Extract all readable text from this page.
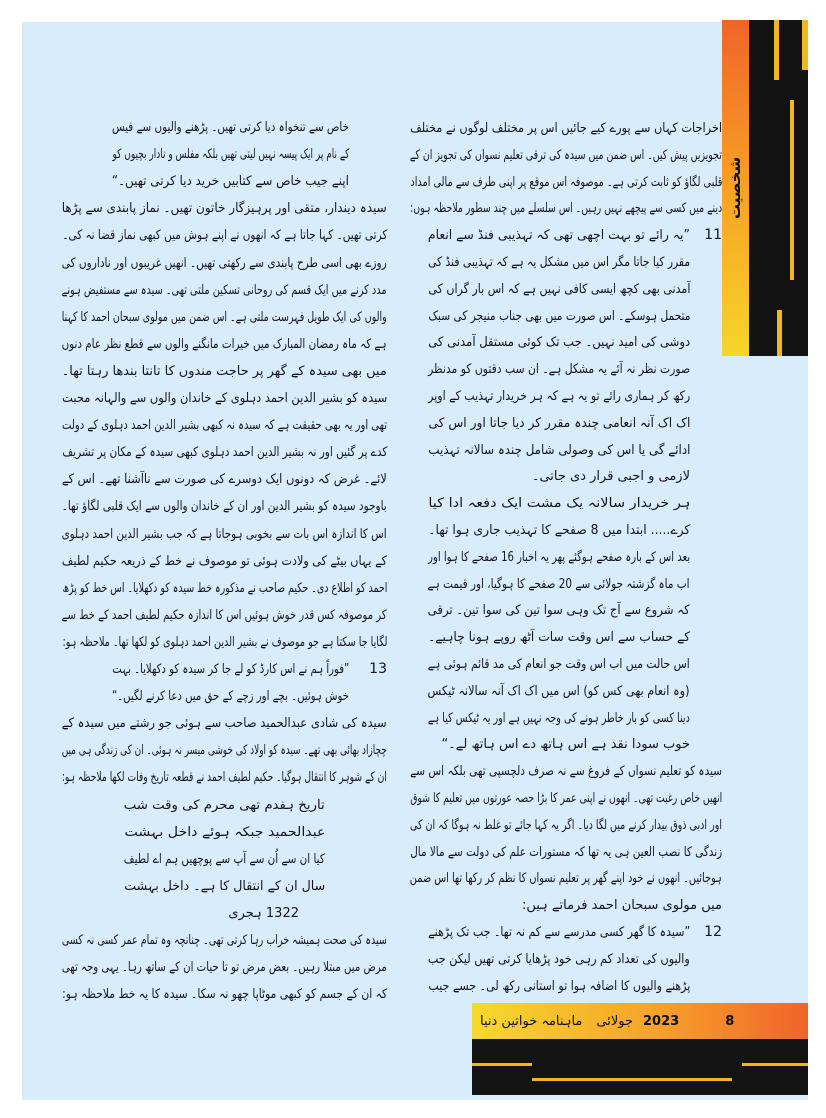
شخصیت
اخراجات کہاں سے پورے کیے جائیں اس پر مختلف لوگوں نے مختلف
تجویزیں پیش کیں۔ اس ضمن میں سیدہ کی ترقی تعلیم نسواں کی تجویز ان کے
قلبی لگاؤ کو ثابت کرتی ہے۔ موصوفہ اس موقع پر اپنی طرف سے مالی امداد
دینے میں کسی سے پیچھے نہیں رہیں۔ اس سلسلے میں چند سطور ملاحظہ ہوں:
”یہ رائے تو بہت اچھی تھی کہ تہذیبی فنڈ سے انعام 11
مقرر کیا جاتا مگر اس میں مشکل یہ ہے کہ تہذیبی فنڈ کی
آمدنی بھی کچھ ایسی کافی نہیں ہے کہ اس بار گراں کی
متحمل ہوسکے۔ اس صورت میں بھی جناب منیجر کی سبک
دوشی کی امید نہیں۔ جب تک کوئی مستقل آمدنی کی
صورت نظر نہ آئے یہ مشکل ہے۔ ان سب دقتوں کو مدنظر
رکھ کر ہماری رائے تو یہ ہے کہ ہر خریدار تہذیب کے اوپر
اک اک آنہ انعامی چندہ مقرر کر دیا جاتا اور اس کی
ادائے گی یا اس کی وصولی شامل چندہ سالانہ تہذیب
لازمی و اجبی قرار دی جاتی۔
ہر خریدار سالانہ یک مشت ایک دفعہ ادا کیا
کرے..... ابتدا میں 8 صفحے کا تہذیب جاری ہوا تھا۔
بعد اس کے بارہ صفحے ہوگئے پھر یہ اخبار 16 صفحے کا ہوا اور
اب ماہ گزشتہ جولائی سے 20 صفحے کا ہوگیا، اور قیمت ہے
کہ شروع سے آج تک وہی سوا تین کی سوا تین۔ ترقی
کے حساب سے اس وقت سات آٹھ روپے ہونا چاہیے۔
اس حالت میں اب اس وقت جو انعام کی مد قائم ہوئی ہے
(وہ انعام بھی کس کو) اس میں اک اک آنہ سالانہ ٹیکس
دینا کسی کو بار خاطر ہونے کی وجہ نہیں ہے اور یہ ٹیکس کیا ہے
خوب سودا نقد ہے اس ہاتھ دے اس ہاتھ لے۔“
سیدہ کو تعلیم نسواں کے فروغ سے نہ صرف دلچسپی تھی بلکہ اس سے
انھیں خاص رغبت تھی۔ انھوں نے اپنی عمر کا بڑا حصہ عورتوں میں تعلیم کا شوق
اور ادبی ذوق بیدار کرنے میں لگا دیا۔ اگر یہ کہا جائے تو غلط نہ ہوگا کہ ان کی
زندگی کا نصب العین ہی یہ تھا کہ مستورات علم کی دولت سے مالا مال
ہوجائیں۔ انھوں نے خود اپنے گھر پر تعلیم نسواں کا نظم کر رکھا تھا اس ضمن
میں مولوی سبحان احمد فرماتے ہیں:
”سیدہ کا گھر کسی مدرسے سے کم نہ تھا۔ جب تک پڑھنے 12
والیوں کی تعداد کم رہی خود پڑھایا کرتی تھیں لیکن جب
پڑھنے والیوں کا اضافہ ہوا تو استانی رکھ لی۔ جسے جیب
خاص سے تنخواہ دیا کرتی تھیں۔ پڑھنے والیوں سے فیس
کے نام پر ایک پیسہ نہیں لیتی تھیں بلکہ مفلس و نادار بچیوں کو
اپنے جیب خاص سے کتابیں خرید دیا کرتی تھیں۔“
سیدہ دیندار، متقی اور پرہیزگار خاتون تھیں۔ نماز پابندی سے پڑھا
کرتی تھیں۔ کہا جاتا ہے کہ انھوں نے اپنے ہوش میں کبھی نماز قضا نہ کی۔
روزے بھی اسی طرح پابندی سے رکھتی تھیں۔ انھیں غریبوں اور ناداروں کی
مدد کرنے میں ایک قسم کی روحانی تسکین ملتی تھی۔ سیدہ سے مستفیض ہونے
والوں کی ایک طویل فہرست ملتی ہے۔ اس ضمن میں مولوی سبحان احمد کا کہنا
ہے کہ ماہ رمضان المبارک میں خیرات مانگنے والوں سے قطع نظر عام دنوں
میں بھی سیدہ کے گھر پر حاجت مندوں کا تانتا بندھا رہتا تھا۔
سیدہ کو بشیر الدین احمد دہلوی کے خاندان والوں سے والہانہ محبت
تھی اور یہ بھی حقیقت ہے کہ سیدہ نہ کبھی بشیر الدین احمد دہلوی کے دولت
کدے پر گئیں اور نہ بشیر الدین احمد دہلوی کبھی سیدہ کے مکان پر تشریف
لائے۔ غرض کہ دونوں ایک دوسرے کی صورت سے ناآشنا تھے۔ اس کے
باوجود سیدہ کو بشیر الدین اور ان کے خاندان والوں سے ایک قلبی لگاؤ تھا۔
اس کا اندازہ اس بات سے بخوبی ہوجاتا ہے کہ جب بشیر الدین احمد دہلوی
کے یہاں بیٹے کی ولادت ہوئی تو موصوف نے خط کے ذریعہ حکیم لطیف
احمد کو اطلاع دی۔ حکیم صاحب نے مذکورہ خط سیدہ کو دکھلایا۔ اس خط کو پڑھ
کر موصوفہ کس قدر خوش ہوئیں اس کا اندازہ حکیم لطیف احمد کے خط سے
لگایا جا سکتا ہے جو موصوف نے بشیر الدین احمد دہلوی کو لکھا تھا۔ ملاحظہ ہو:
”فوراً ہم نے اس کارڈ کو لے جا کر سیدہ کو دکھلایا۔ بہت 13
خوش ہوئیں۔ بچے اور زچے کے حق میں دعا کرنے لگیں۔“
سیدہ کی شادی عبدالحمید صاحب سے ہوئی جو رشتے میں سیدہ کے
چچازاد بھائی بھی تھے۔ سیدہ کو اولاد کی خوشی میسر نہ ہوئی۔ ان کی زندگی ہی میں
ان کے شوہر کا انتقال ہوگیا۔ حکیم لطیف احمد نے قطعہ تاریخ وفات لکھا ملاحظہ ہو:
تاریخ ہفدم تھی محرم کی وقت شب
عبدالحمید جبکہ ہوئے داخل بہشت
کیا ان سے اُن سے آپ سے پوچھیں ہم اے لطیف
سال ان کے انتقال کا ہے۔ داخل بہشت
1322 ہجری
سیدہ کی صحت ہمیشہ خراب رہا کرتی تھی۔ چنانچہ وہ تمام عمر کسی نہ کسی
مرض میں مبتلا رہیں۔ بعض مرض تو تا حیات ان کے ساتھ رہا۔ یہی وجہ تھی
کہ ان کے جسم کو کبھی موٹاپا چھو نہ سکا۔ سیدہ کا یہ خط ملاحظہ ہو:
ماہنامہ خواتین دنیا جولائی 2023	8
